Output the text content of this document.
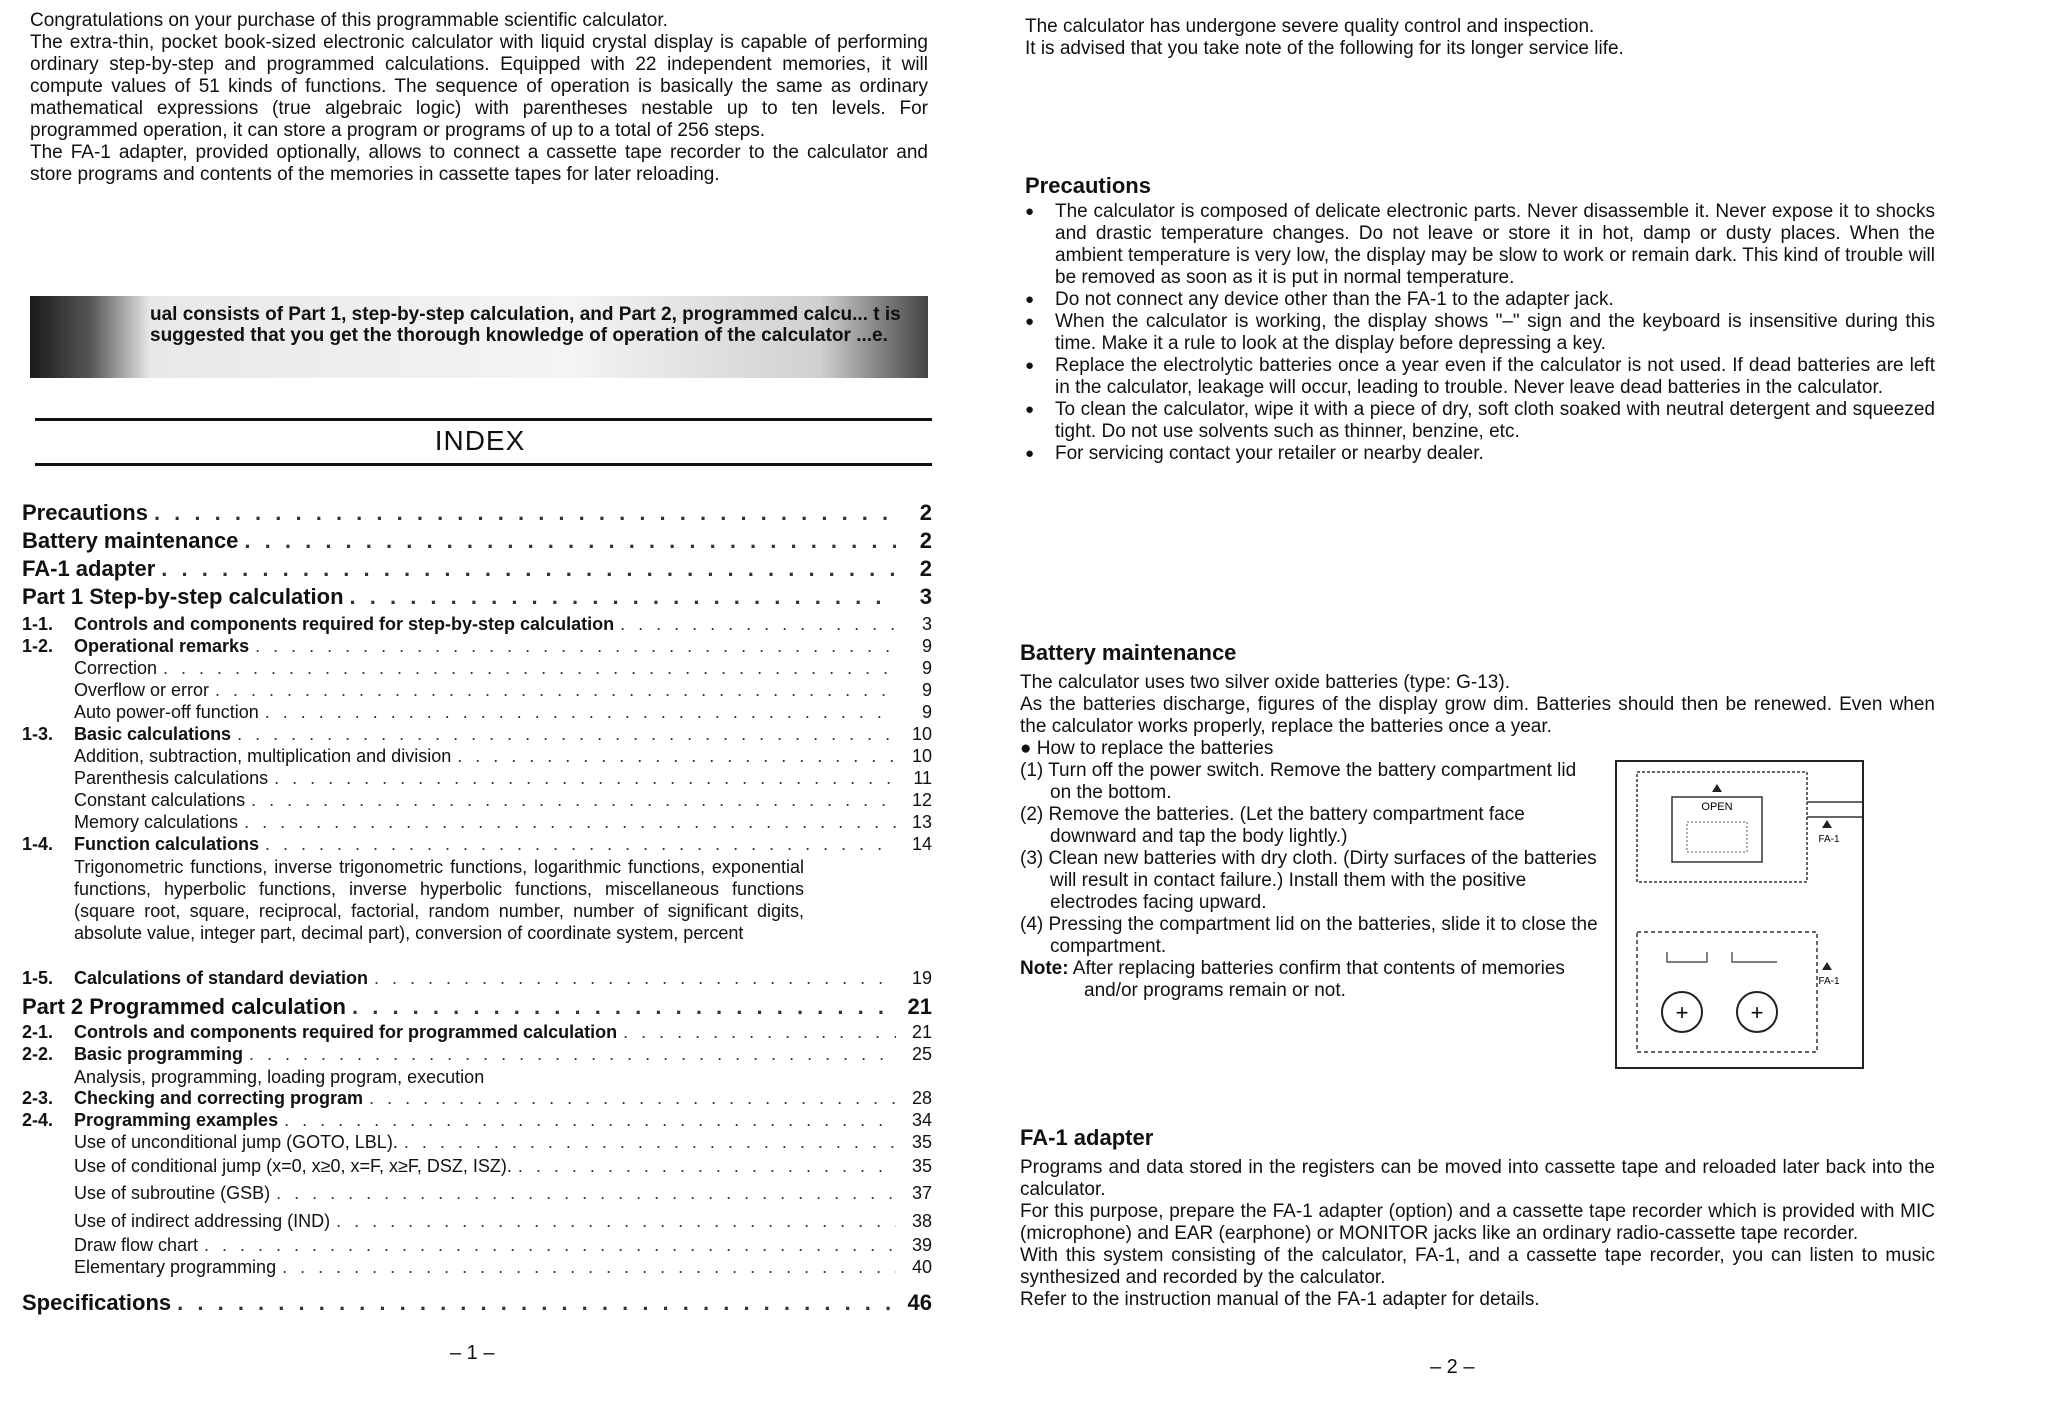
Congratulations on your purchase of this programmable scientific calculator.

The extra-thin, pocket book-sized electronic calculator with liquid crystal display is capable of performing ordinary step-by-step and programmed calculations. Equipped with 22 independent memories, it will compute values of 51 kinds of functions. The sequence of operation is basically the same as ordinary mathematical expressions (true algebraic logic) with parentheses nestable up to ten levels. For programmed operation, it can store a program or programs of up to a total of 256 steps.

The FA-1 adapter, provided optionally, allows to connect a cassette tape recorder to the calculator and store programs and contents of the memories in cassette tapes for later reloading.

ual consists of Part 1, step-by-step calculation, and Part 2, programmed calcu... t is suggested that you get the thorough knowledge of operation of the calculator ...e.
INDEX
Precautions . . .	2
Battery maintenance . . .	2
FA-1 adapter . . .	2
Part 1 Step-by-step calculation . . .	3
1-1.	Controls and components required for step-by-step calculation . . .	3
1-2.	Operational remarks . . .	9
Correction . . .	9
Overflow or error . . .	9
Auto power-off function . . .	9
1-3.	Basic calculations . . .	10
Addition, subtraction, multiplication and division . . .	10
Parenthesis calculations . . .	11
Constant calculations . . .	12
Memory calculations . . .	13
1-4.	Function calculations . . .	14
Trigonometric functions, inverse trigonometric functions, logarithmic functions, exponential functions, hyperbolic functions, inverse hyperbolic functions, miscellaneous functions (square root, square, reciprocal, factorial, random number, number of significant digits, absolute value, integer part, decimal part), conversion of coordinate system, percent
1-5.	Calculations of standard deviation . . .	19
Part 2 Programmed calculation . . .	21
2-1.	Controls and components required for programmed calculation . . .	21
2-2.	Basic programming . . .	25
Analysis, programming, loading program, execution
2-3.	Checking and correcting program . . .	28
2-4.	Programming examples . . .	34
Use of unconditional jump (GOTO, LBL). . . .	35
Use of conditional jump (x=0, x≥0, x=F, x≥F, DSZ, ISZ). . . .	35
Use of subroutine (GSB) . . .	37
Use of indirect addressing (IND) . . .	38
Draw flow chart . . .	39
Elementary programming . . .	40
Specifications . . .	46
– 1 –

The calculator has undergone severe quality control and inspection.

It is advised that you take note of the following for its longer service life.

Precautions
● The calculator is composed of delicate electronic parts. Never disassemble it. Never expose it to shocks and drastic temperature changes. Do not leave or store it in hot, damp or dusty places. When the ambient temperature is very low, the display may be slow to work or remain dark. This kind of trouble will be removed as soon as it is put in normal temperature.
● Do not connect any device other than the FA-1 to the adapter jack.
● When the calculator is working, the display shows "–" sign and the keyboard is insensitive during this time. Make it a rule to look at the display before depressing a key.
● Replace the electrolytic batteries once a year even if the calculator is not used. If dead batteries are left in the calculator, leakage will occur, leading to trouble. Never leave dead batteries in the calculator.
● To clean the calculator, wipe it with a piece of dry, soft cloth soaked with neutral detergent and squeezed tight. Do not use solvents such as thinner, benzine, etc.
● For servicing contact your retailer or nearby dealer.
Battery maintenance

The calculator uses two silver oxide batteries (type: G-13).

As the batteries discharge, figures of the display grow dim. Batteries should then be renewed. Even when the calculator works properly, replace the batteries once a year.

● How to replace the batteries

(1) Turn off the power switch. Remove the battery compartment lid on the bottom.
(2) Remove the batteries. (Let the battery compartment face downward and tap the body lightly.)
(3) Clean new batteries with dry cloth. (Dirty surfaces of the batteries will result in contact failure.) Install them with the positive electrodes facing upward.
(4) Pressing the compartment lid on the batteries, slide it to close the compartment.

Note: After replacing batteries confirm that contents of memories and/or programs remain or not.

OPEN
FA-1
+	+
FA-1
FA-1 adapter

Programs and data stored in the registers can be moved into cassette tape and reloaded later back into the calculator.

For this purpose, prepare the FA-1 adapter (option) and a cassette tape recorder which is provided with MIC (microphone) and EAR (earphone) or MONITOR jacks like an ordinary radio-cassette tape recorder.

With this system consisting of the calculator, FA-1, and a cassette tape recorder, you can listen to music synthesized and recorded by the calculator.

Refer to the instruction manual of the FA-1 adapter for details.

– 2 –
